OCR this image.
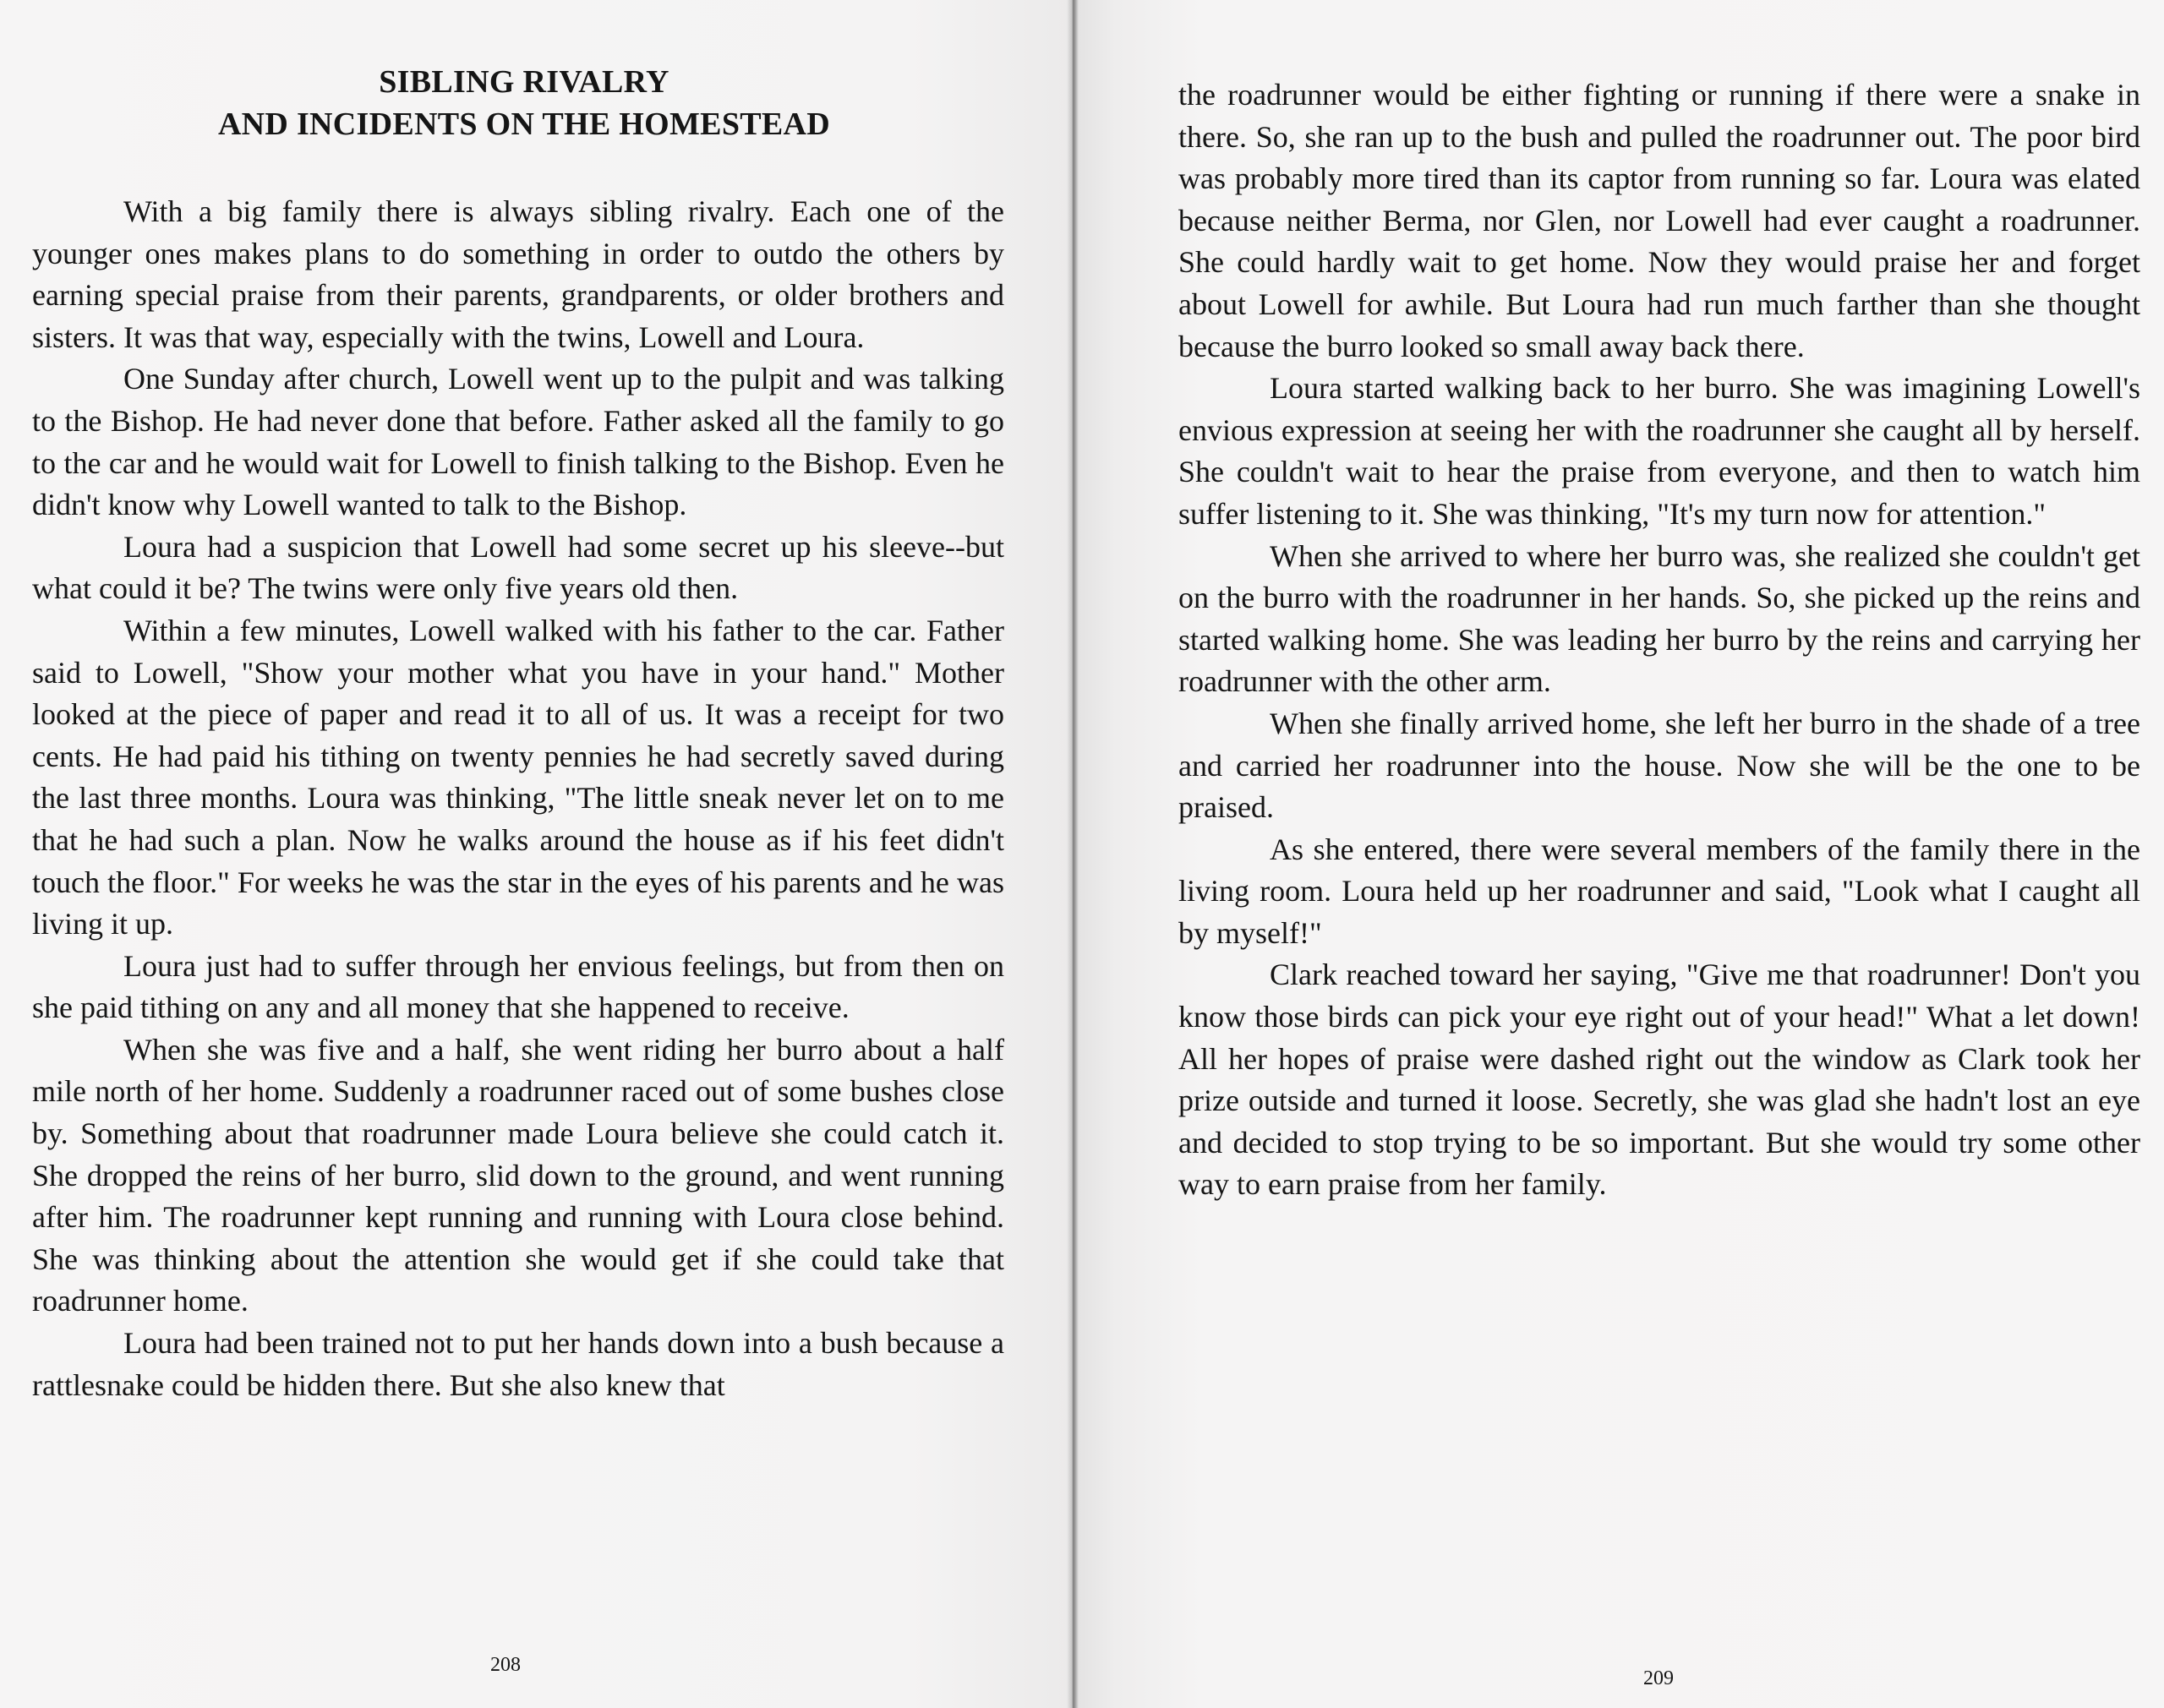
SIBLING RIVALRY
AND INCIDENTS ON THE HOMESTEAD

With a big family there is always sibling rivalry. Each one of the younger ones makes plans to do something in order to outdo the others by earning special praise from their parents, grandparents, or older brothers and sisters. It was that way, especially with the twins, Lowell and Loura.

One Sunday after church, Lowell went up to the pulpit and was talking to the Bishop. He had never done that before. Father asked all the family to go to the car and he would wait for Lowell to finish talking to the Bishop. Even he didn't know why Lowell wanted to talk to the Bishop.

Loura had a suspicion that Lowell had some secret up his sleeve--but what could it be? The twins were only five years old then.

Within a few minutes, Lowell walked with his father to the car. Father said to Lowell, "Show your mother what you have in your hand." Mother looked at the piece of paper and read it to all of us. It was a receipt for two cents. He had paid his tithing on twenty pennies he had secretly saved during the last three months. Loura was thinking, "The little sneak never let on to me that he had such a plan. Now he walks around the house as if his feet didn't touch the floor." For weeks he was the star in the eyes of his parents and he was living it up.

Loura just had to suffer through her envious feelings, but from then on she paid tithing on any and all money that she happened to receive.

When she was five and a half, she went riding her burro about a half mile north of her home. Suddenly a roadrunner raced out of some bushes close by. Something about that roadrunner made Loura believe she could catch it. She dropped the reins of her burro, slid down to the ground, and went running after him. The roadrunner kept running and running with Loura close behind. She was thinking about the attention she would get if she could take that roadrunner home.

Loura had been trained not to put her hands down into a bush because a rattlesnake could be hidden there. But she also knew that

208

the roadrunner would be either fighting or running if there were a snake in there. So, she ran up to the bush and pulled the roadrunner out. The poor bird was probably more tired than its captor from running so far. Loura was elated because neither Berma, nor Glen, nor Lowell had ever caught a roadrunner. She could hardly wait to get home. Now they would praise her and forget about Lowell for awhile. But Loura had run much farther than she thought because the burro looked so small away back there.

Loura started walking back to her burro. She was imagining Lowell's envious expression at seeing her with the roadrunner she caught all by herself. She couldn't wait to hear the praise from everyone, and then to watch him suffer listening to it. She was thinking, "It's my turn now for attention."

When she arrived to where her burro was, she realized she couldn't get on the burro with the roadrunner in her hands. So, she picked up the reins and started walking home. She was leading her burro by the reins and carrying her roadrunner with the other arm.

When she finally arrived home, she left her burro in the shade of a tree and carried her roadrunner into the house. Now she will be the one to be praised.

As she entered, there were several members of the family there in the living room. Loura held up her roadrunner and said, "Look what I caught all by myself!"

Clark reached toward her saying, "Give me that roadrunner! Don't you know those birds can pick your eye right out of your head!" What a let down! All her hopes of praise were dashed right out the window as Clark took her prize outside and turned it loose. Secretly, she was glad she hadn't lost an eye and decided to stop trying to be so important. But she would try some other way to earn praise from her family.

209
